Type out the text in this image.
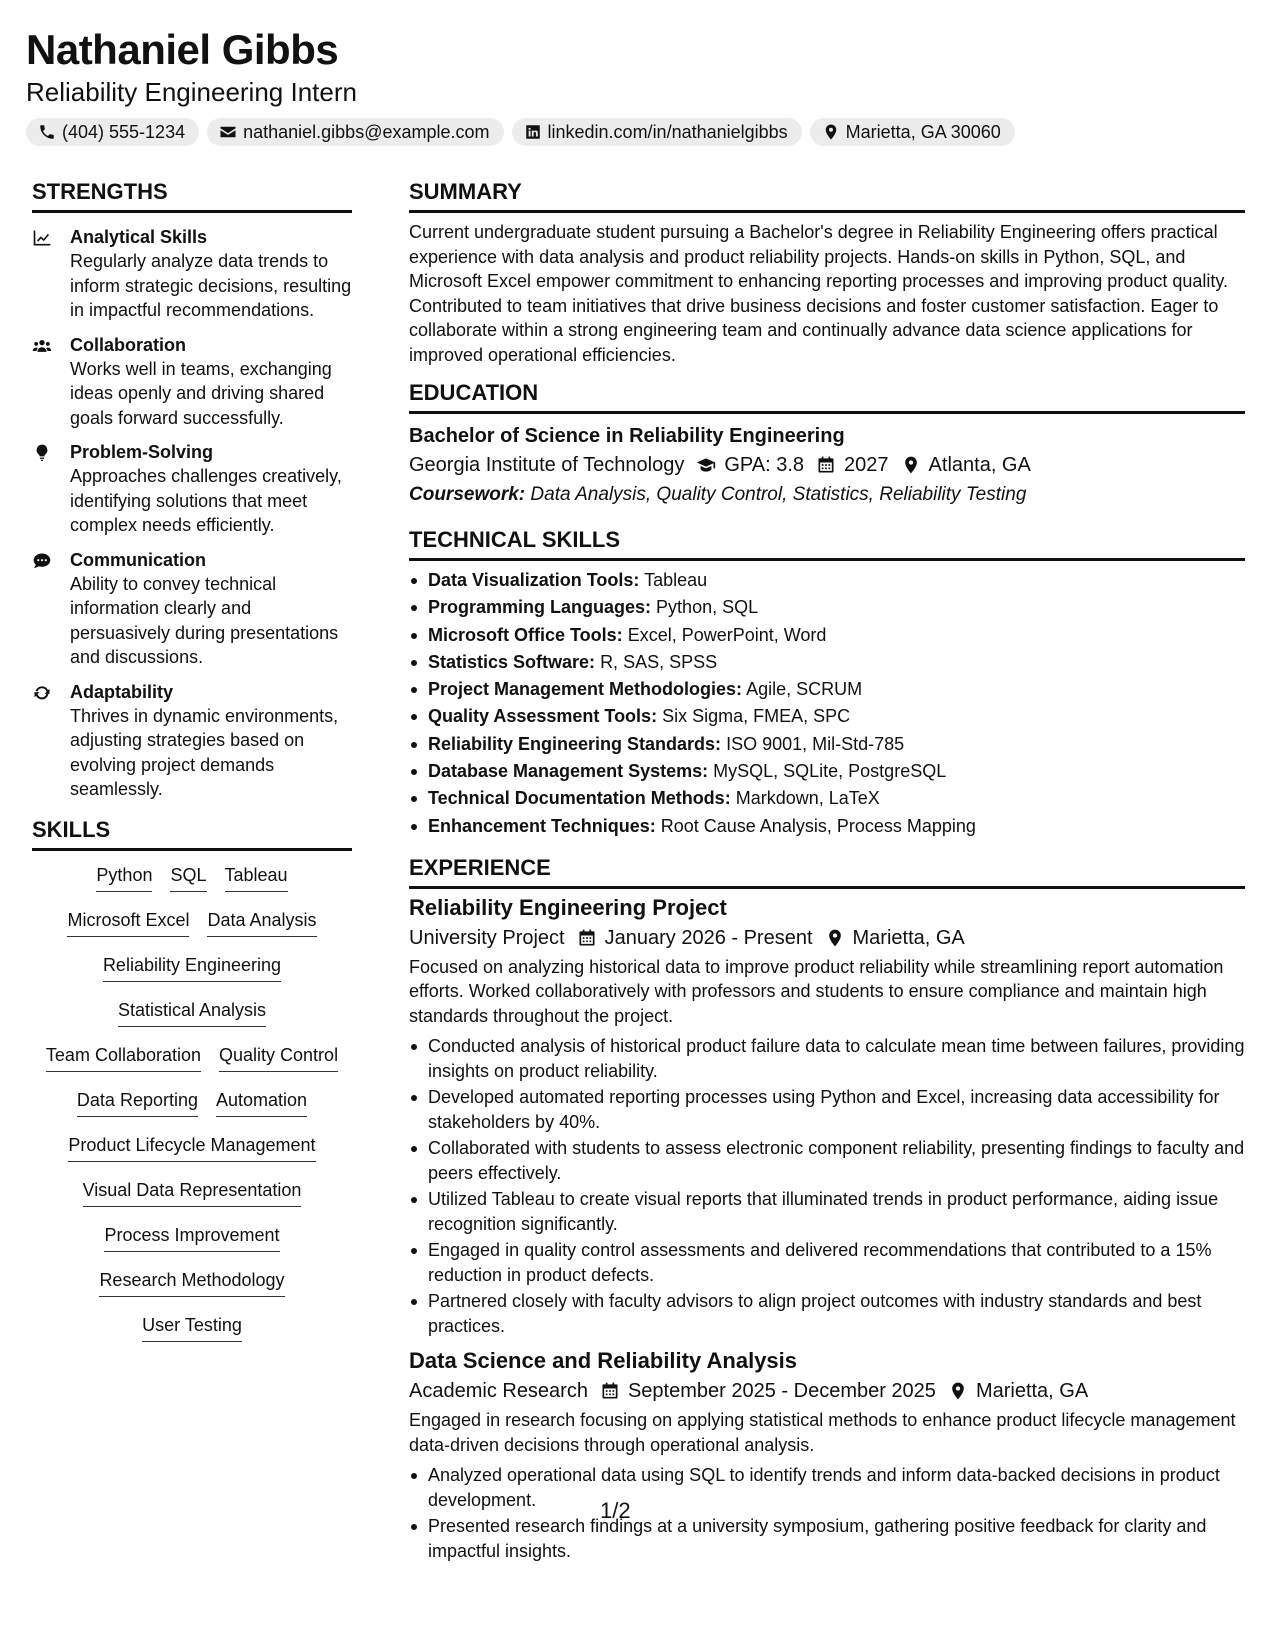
Nathaniel Gibbs
Reliability Engineering Intern
(404) 555-1234	nathaniel.gibbs@example.com	linkedin.com/in/nathanielgibbs	Marietta, GA 30060
STRENGTHS
Analytical Skills
Regularly analyze data trends to inform strategic decisions, resulting in impactful recommendations.
Collaboration
Works well in teams, exchanging ideas openly and driving shared goals forward successfully.
Problem-Solving
Approaches challenges creatively, identifying solutions that meet complex needs efficiently.
Communication
Ability to convey technical information clearly and persuasively during presentations and discussions.
Adaptability
Thrives in dynamic environments, adjusting strategies based on evolving project demands seamlessly.
SKILLS
Python SQL Tableau
Microsoft Excel Data Analysis
Reliability Engineering
Statistical Analysis
Team Collaboration Quality Control
Data Reporting Automation
Product Lifecycle Management
Visual Data Representation
Process Improvement
Research Methodology
User Testing
SUMMARY
Current undergraduate student pursuing a Bachelor's degree in Reliability Engineering offers practical experience with data analysis and product reliability projects. Hands-on skills in Python, SQL, and Microsoft Excel empower commitment to enhancing reporting processes and improving product quality. Contributed to team initiatives that drive business decisions and foster customer satisfaction. Eager to collaborate within a strong engineering team and continually advance data science applications for improved operational efficiencies.
EDUCATION
Bachelor of Science in Reliability Engineering
Georgia Institute of Technology GPA: 3.8 2027 Atlanta, GA
Coursework: Data Analysis, Quality Control, Statistics, Reliability Testing
TECHNICAL SKILLS
Data Visualization Tools: Tableau
Programming Languages: Python, SQL
Microsoft Office Tools: Excel, PowerPoint, Word
Statistics Software: R, SAS, SPSS
Project Management Methodologies: Agile, SCRUM
Quality Assessment Tools: Six Sigma, FMEA, SPC
Reliability Engineering Standards: ISO 9001, Mil-Std-785
Database Management Systems: MySQL, SQLite, PostgreSQL
Technical Documentation Methods: Markdown, LaTeX
Enhancement Techniques: Root Cause Analysis, Process Mapping
EXPERIENCE
Reliability Engineering Project
University Project January 2026 - Present Marietta, GA
Focused on analyzing historical data to improve product reliability while streamlining report automation efforts. Worked collaboratively with professors and students to ensure compliance and maintain high standards throughout the project.
Conducted analysis of historical product failure data to calculate mean time between failures, providing insights on product reliability.
Developed automated reporting processes using Python and Excel, increasing data accessibility for stakeholders by 40%.
Collaborated with students to assess electronic component reliability, presenting findings to faculty and peers effectively.
Utilized Tableau to create visual reports that illuminated trends in product performance, aiding issue recognition significantly.
Engaged in quality control assessments and delivered recommendations that contributed to a 15% reduction in product defects.
Partnered closely with faculty advisors to align project outcomes with industry standards and best practices.
Data Science and Reliability Analysis
Academic Research September 2025 - December 2025 Marietta, GA
Engaged in research focusing on applying statistical methods to enhance product lifecycle management data-driven decisions through operational analysis.
Analyzed operational data using SQL to identify trends and inform data-backed decisions in product development.
Presented research findings at a university symposium, gathering positive feedback for clarity and impactful insights.
1/2
